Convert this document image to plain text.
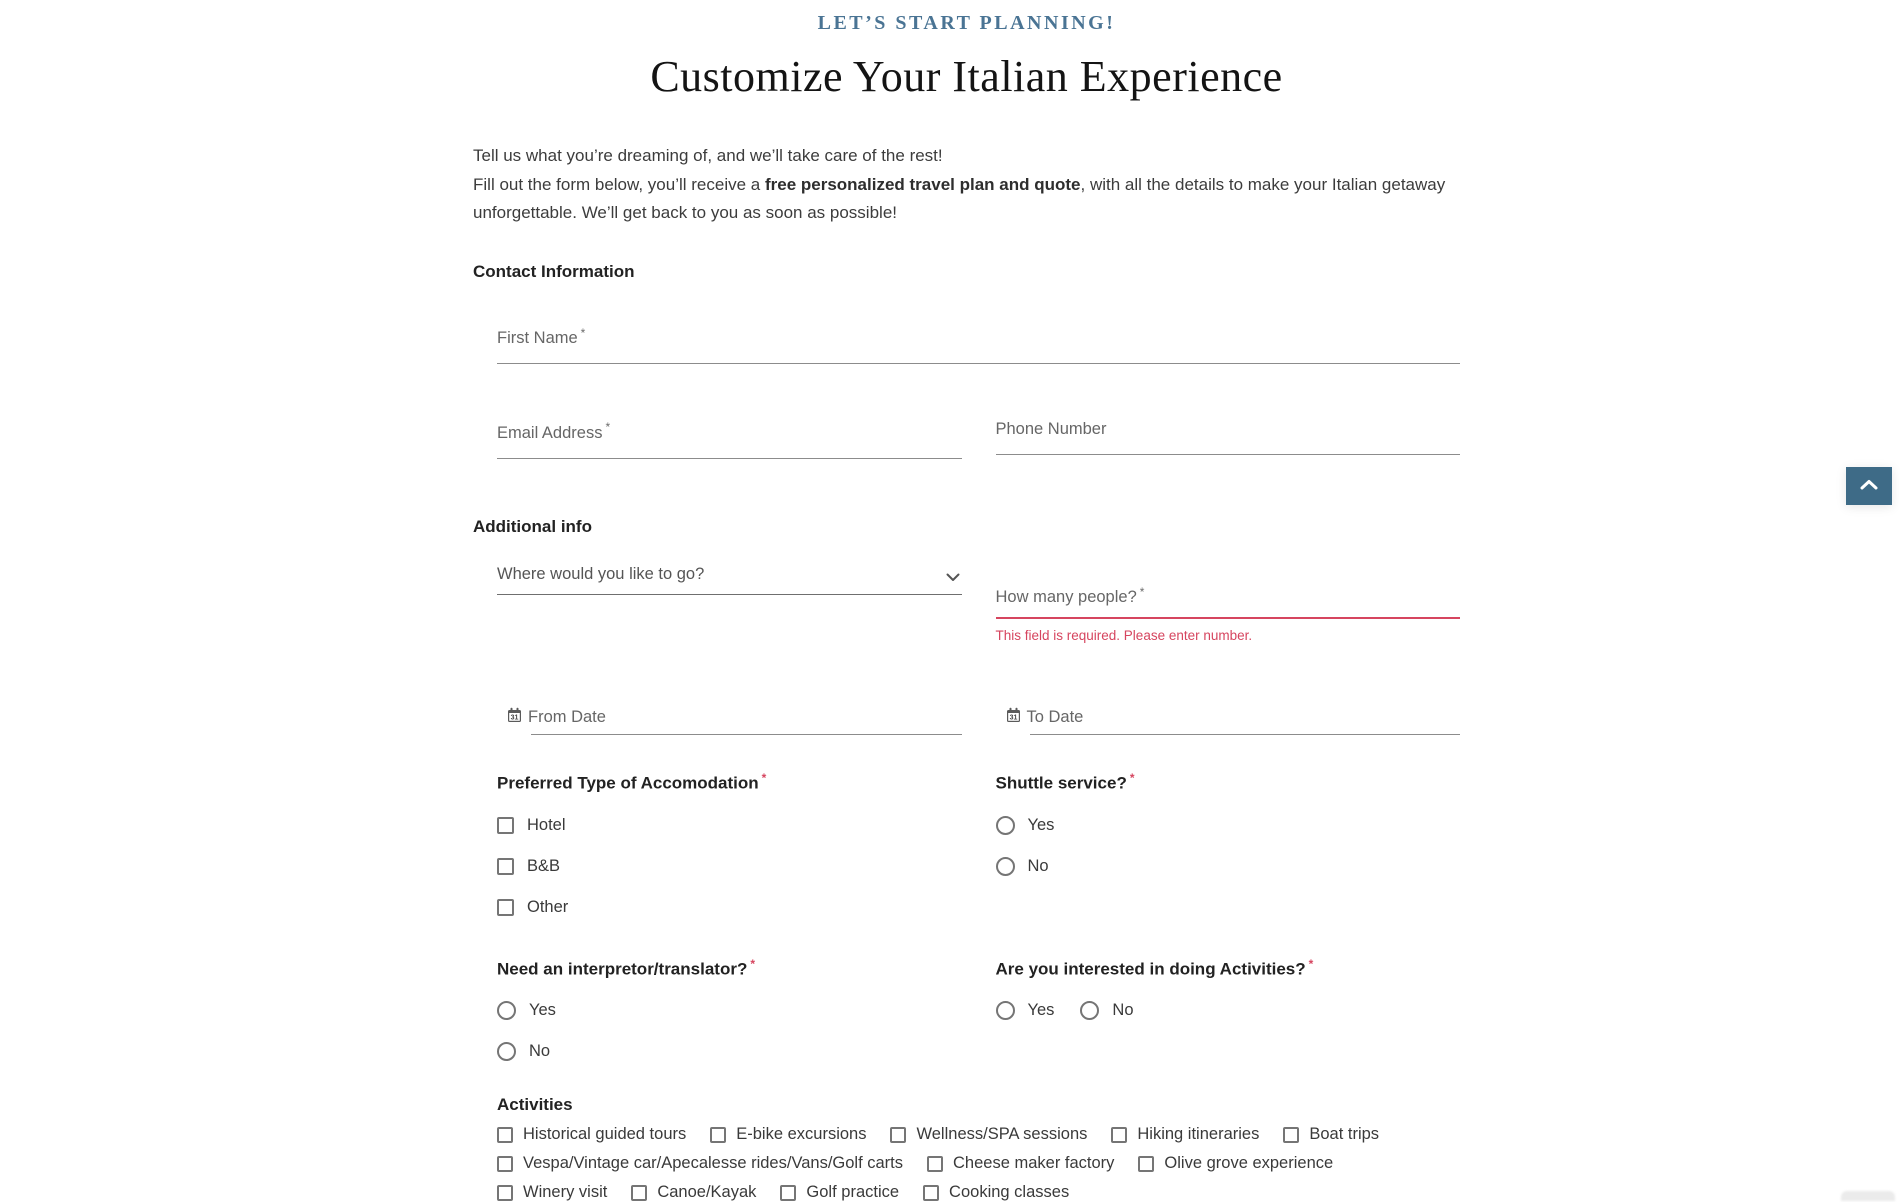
LET’S START PLANNING!
Customize Your Italian Experience
Tell us what you’re dreaming of, and we’ll take care of the rest!
Fill out the form below, you’ll receive a free personalized travel plan and quote, with all the details to make your Italian getaway unforgettable. We’ll get back to you as soon as possible!
Contact Information
First Name *
Email Address *	Phone Number
Additional info
Where would you like to go?
How many people? *
This field is required. Please enter number.
31 From Date	31 To Date
Preferred Type of Accomodation *
Hotel
B&B
Other
Shuttle service? *
Yes
No
Need an interpretor/translator? *
Yes
No
Are you interested in doing Activities? *
Yes	No
Activities
Historical guided tours	E-bike excursions	Wellness/SPA sessions	Hiking itineraries	Boat trips
Vespa/Vintage car/Apecalesse rides/Vans/Golf carts	Cheese maker factory	Olive grove experience
Winery visit	Canoe/Kayak	Golf practice	Cooking classes
